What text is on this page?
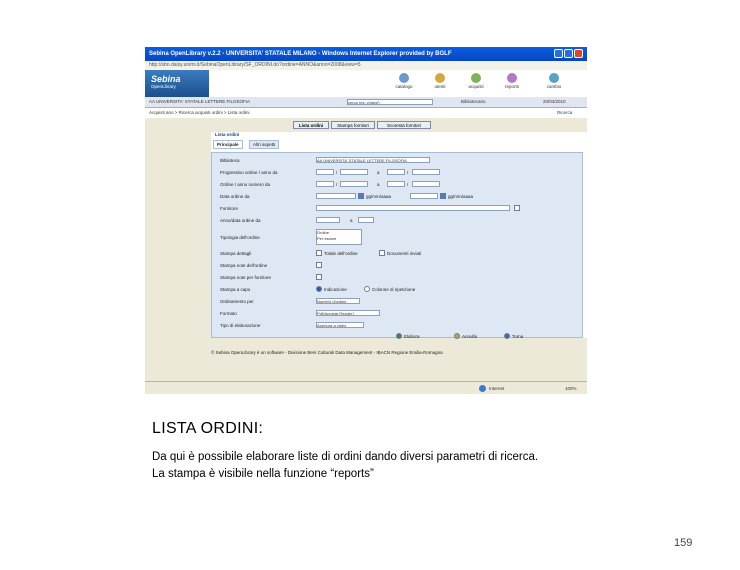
Sebina OpenLibrary v.2.2 - UNIVERSITA' STATALE MILANO - Windows Internet Explorer provided by BGLF
http://sbn.daisy.unimi.it/SebinaOpenLibrary/SF_ORDINI.do?ordine=ANNO&anno=2008&view=5
Sebina
OpenLibrary	catalogo	utenti	acquisti	reports	cambio
AA UNIVERSITA' STATALE LETTERE FILOSOFIA	cerca (es: chiave)	Bibliotecario	20/04/2010
Acquisti ano > Ricerca acquisti ordini > Lista ordini	Ricerca
Lista ordini	Stampa fornitori	Scoresta fornitori
Lista ordini
Principale	Altri aspetti
Biblioteca	AA UNIVERSITA' STATALE LETTERE FILOSOFIA
Progressivo ordine / anno da	/	a	/
Ordine / anno numero da	/	a	/
Data ordine da	gg/mm/aaaa	gg/mm/aaaa
Fornitore
Anno/data ordine da	a
Tipologia dell'ordine
Ordine
Per esame
Stampa dettagli	Totale dell'ordine	Documenti inviati
Stampa note dell'ordine
Stampa note per fornitore
Stampa a capo	Indicazione	Colonne di ripetizione
Ordinamento per	Numero d'ordine
Formato	Pdf(Acrobat Reader)
Tipo di elaborazione	Apertura a video
Elabora	Annulla	Torna
© Sebina OpenLibrary è un software - Divisione Beni Culturali Data Management - IBACN Regione Emilia-Romagna
Internet	100%
LISTA ORDINI:
Da qui è possibile elaborare liste di ordini dando diversi parametri di ricerca.
La stampa è visibile nella funzione “reports”
159
